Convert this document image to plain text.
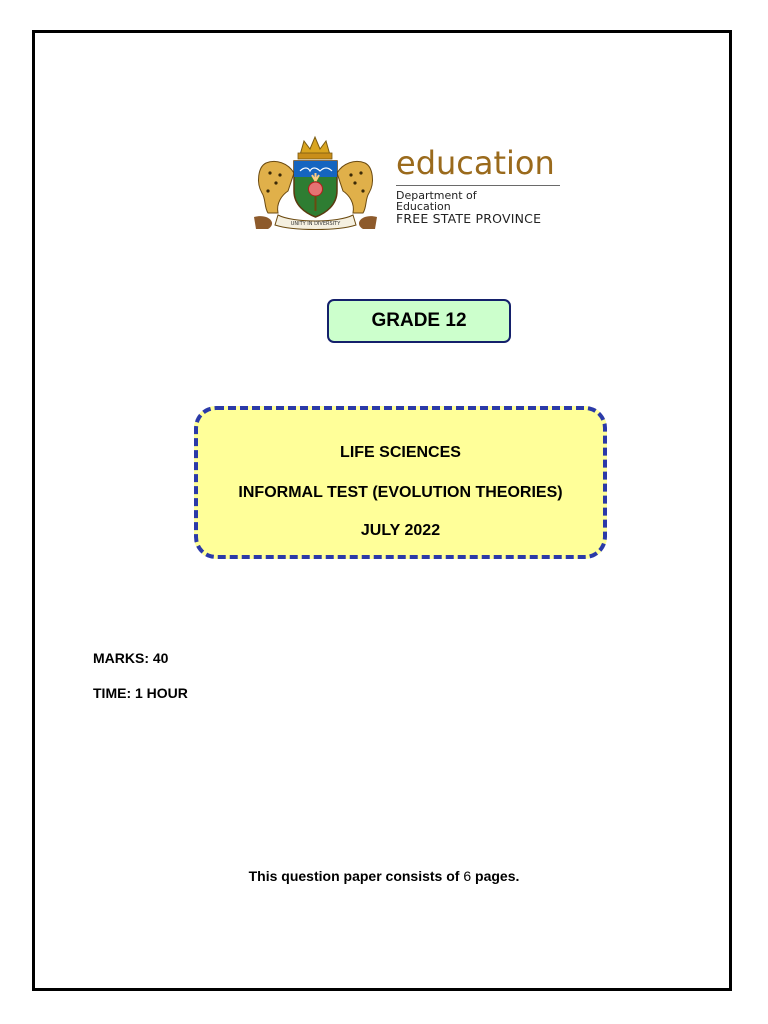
UNITY IN DIVERSITY
education
Department of
Education
FREE STATE PROVINCE
GRADE 12
LIFE SCIENCES
INFORMAL TEST (EVOLUTION THEORIES)
JULY 2022
MARKS: 40
TIME: 1 HOUR
This question paper consists of 6 pages.
